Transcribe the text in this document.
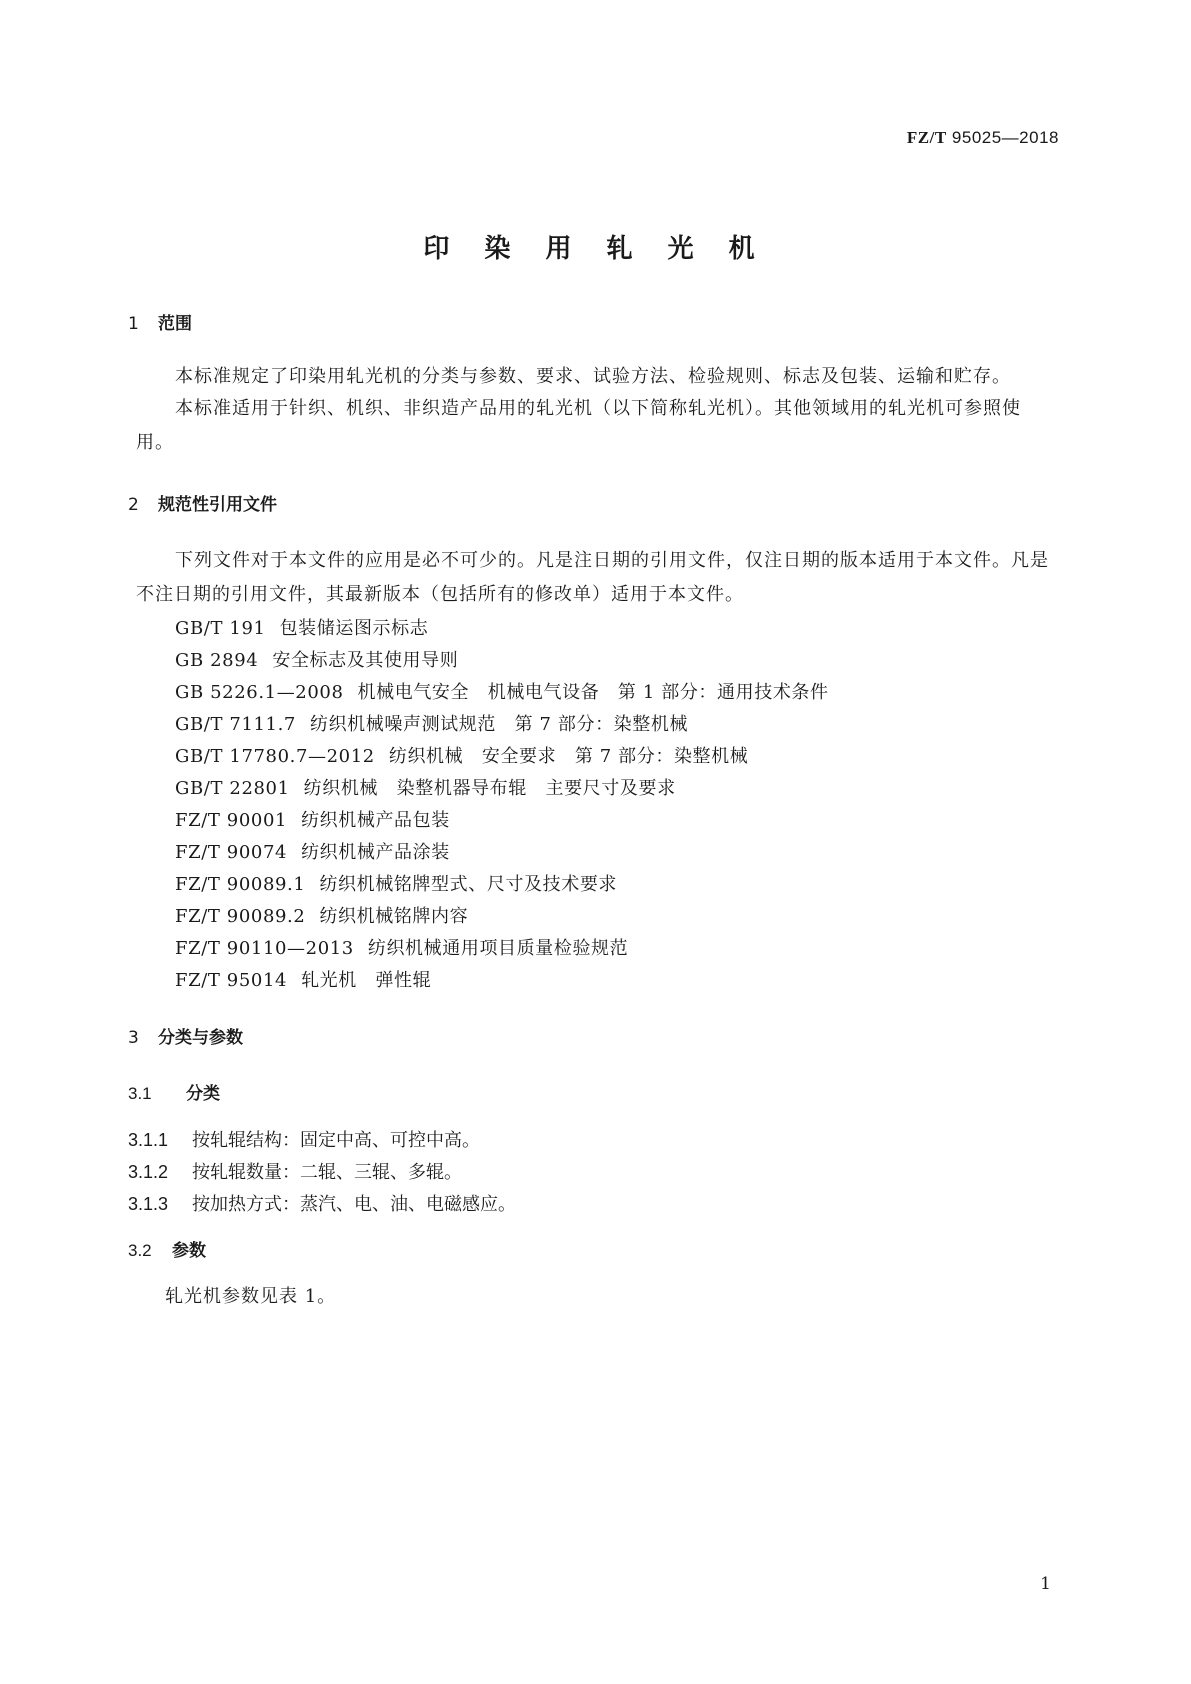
FZ/T 95025—2018
印 染 用 轧 光 机
1 范围
本标准规定了印染用轧光机的分类与参数、要求、试验方法、检验规则、标志及包装、运输和贮存。
本标准适用于针织、机织、非织造产品用的轧光机（以下简称轧光机）。其他领域用的轧光机可参照使用。
2 规范性引用文件
下列文件对于本文件的应用是必不可少的。凡是注日期的引用文件，仅注日期的版本适用于本文件。凡是不注日期的引用文件，其最新版本（包括所有的修改单）适用于本文件。
GB/T 191 包装储运图示标志
GB 2894 安全标志及其使用导则
GB 5226.1—2008 机械电气安全　机械电气设备　第 1 部分：通用技术条件
GB/T 7111.7 纺织机械噪声测试规范　第 7 部分：染整机械
GB/T 17780.7—2012 纺织机械　安全要求　第 7 部分：染整机械
GB/T 22801 纺织机械　染整机器导布辊　主要尺寸及要求
FZ/T 90001 纺织机械产品包装
FZ/T 90074 纺织机械产品涂装
FZ/T 90089.1 纺织机械铭牌型式、尺寸及技术要求
FZ/T 90089.2 纺织机械铭牌内容
FZ/T 90110—2013 纺织机械通用项目质量检验规范
FZ/T 95014 轧光机　弹性辊
3 分类与参数
3.1 分类
3.1.1 按轧辊结构：固定中高、可控中高。
3.1.2 按轧辊数量：二辊、三辊、多辊。
3.1.3 按加热方式：蒸汽、电、油、电磁感应。
3.2 参数
轧光机参数见表 1。
1
